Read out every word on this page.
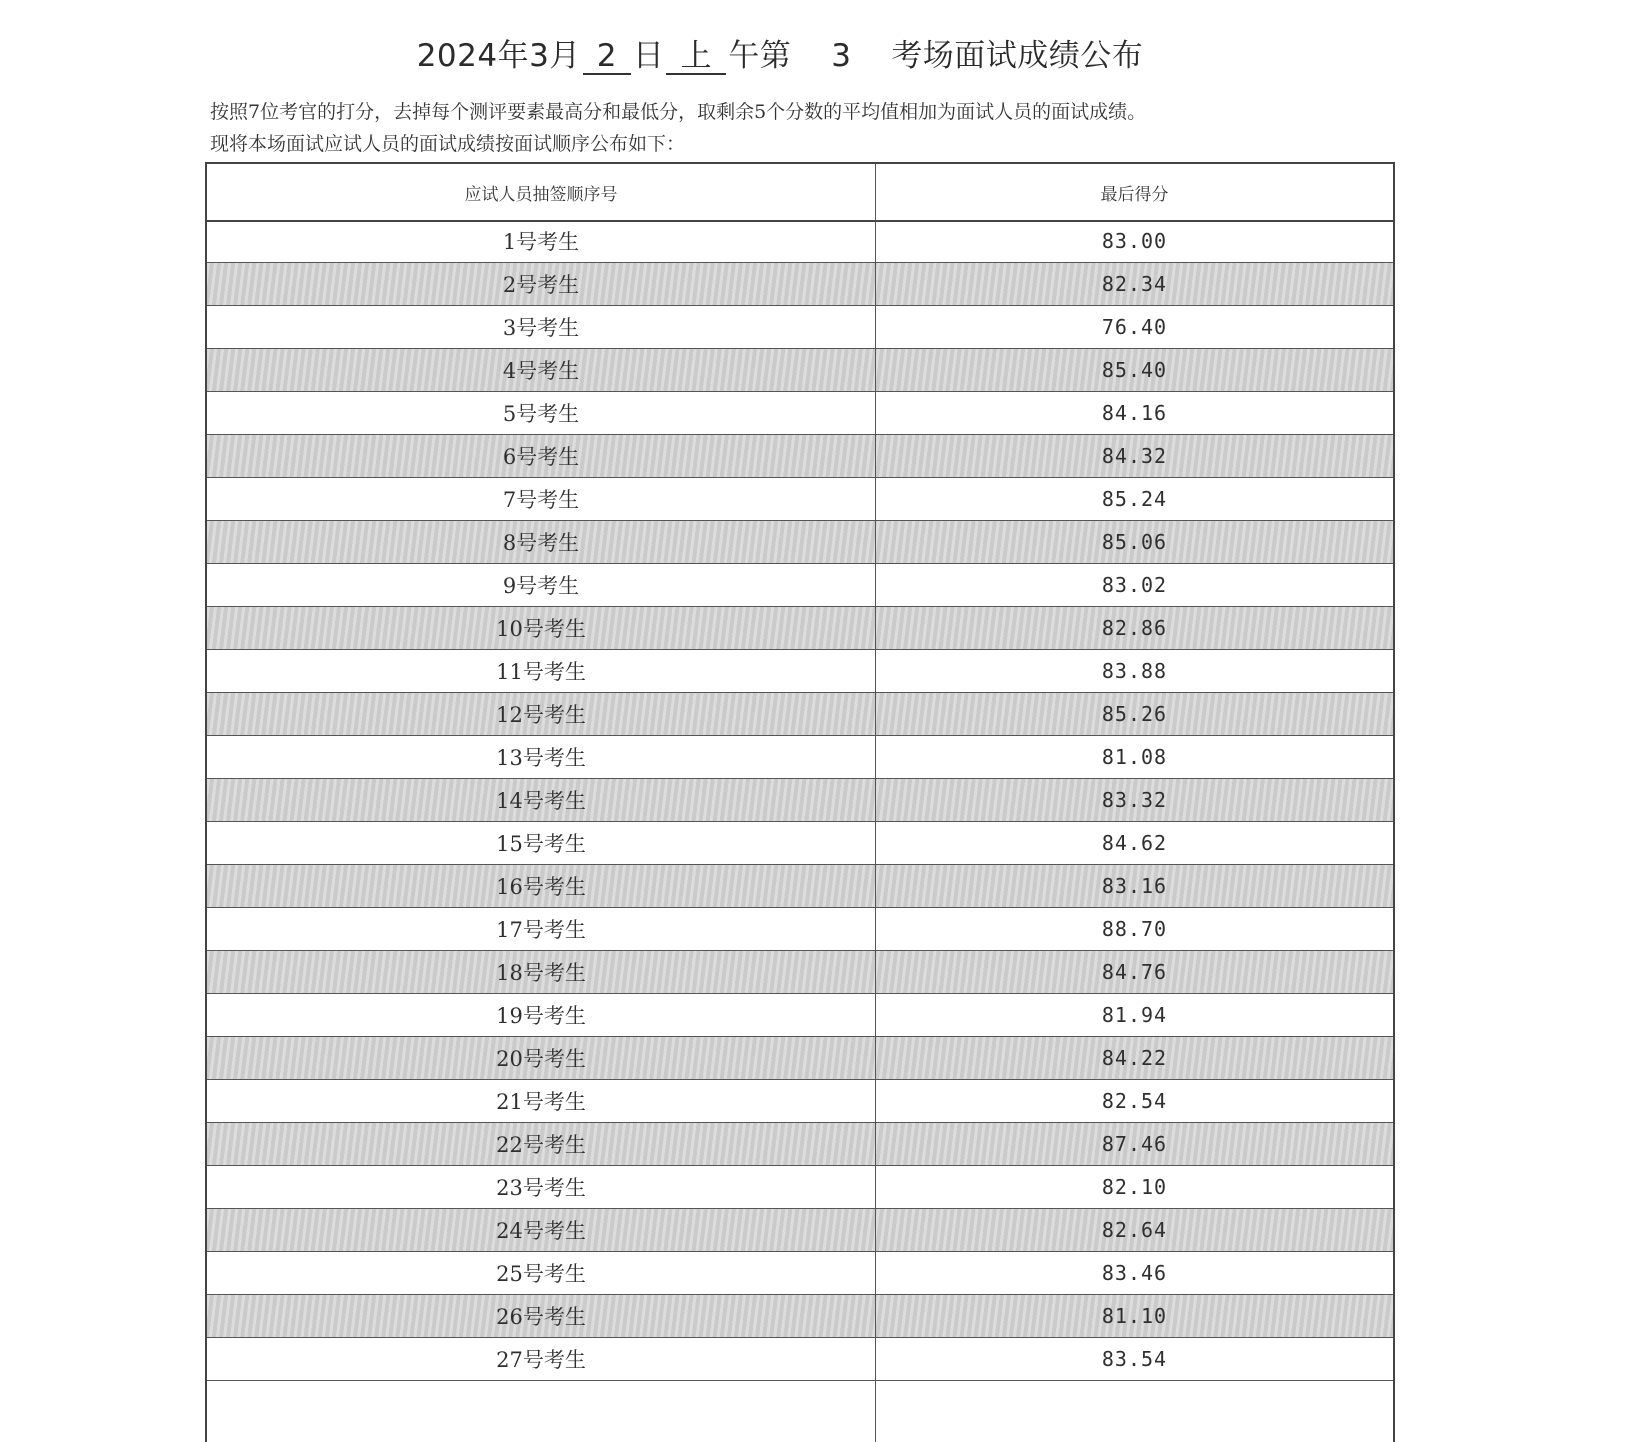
2024年3月 2 日 上 午第 3 考场面试成绩公布
按照7位考官的打分，去掉每个测评要素最高分和最低分，取剩余5个分数的平均值相加为面试人员的面试成绩。
现将本场面试应试人员的面试成绩按面试顺序公布如下：
应试人员抽签顺序号	最后得分
1号考生	83.00
2号考生	82.34
3号考生	76.40
4号考生	85.40
5号考生	84.16
6号考生	84.32
7号考生	85.24
8号考生	85.06
9号考生	83.02
10号考生	82.86
11号考生	83.88
12号考生	85.26
13号考生	81.08
14号考生	83.32
15号考生	84.62
16号考生	83.16
17号考生	88.70
18号考生	84.76
19号考生	81.94
20号考生	84.22
21号考生	82.54
22号考生	87.46
23号考生	82.10
24号考生	82.64
25号考生	83.46
26号考生	81.10
27号考生	83.54
